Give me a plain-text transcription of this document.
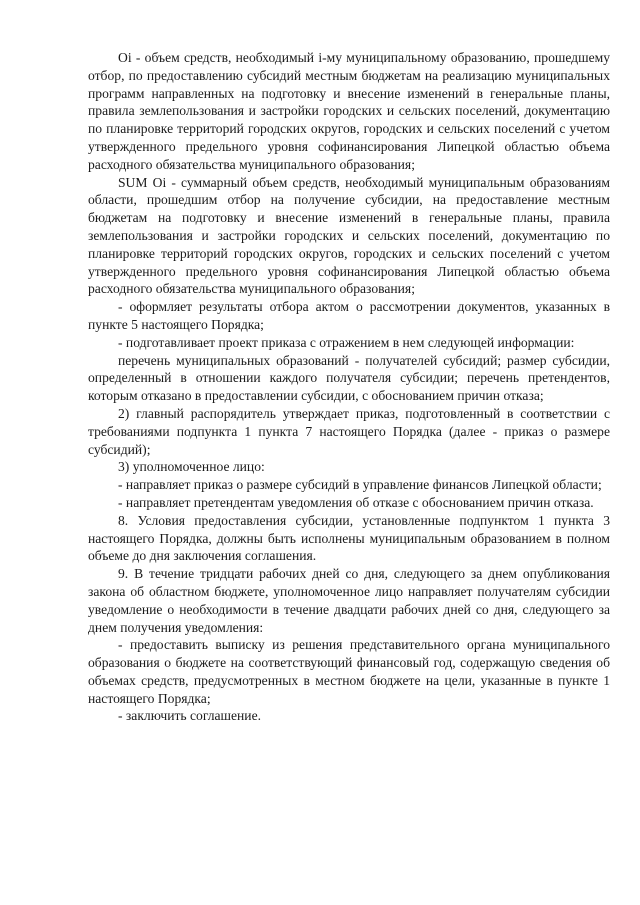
Oi - объем средств, необходимый i-му муниципальному образованию, прошедшему отбор, по предоставлению субсидий местным бюджетам на реализацию муниципальных программ направленных на подготовку и внесение изменений в генеральные планы, правила землепользования и застройки городских и сельских поселений, документацию по планировке территорий городских округов, городских и сельских поселений с учетом утвержденного предельного уровня софинансирования Липецкой областью объема расходного обязательства муниципального образования;

SUM Oi - суммарный объем средств, необходимый муниципальным образованиям области, прошедшим отбор на получение субсидии, на предоставление местным бюджетам на подготовку и внесение изменений в генеральные планы, правила землепользования и застройки городских и сельских поселений, документацию по планировке территорий городских округов, городских и сельских поселений с учетом утвержденного предельного уровня софинансирования Липецкой областью объема расходного обязательства муниципального образования;

- оформляет результаты отбора актом о рассмотрении документов, указанных в пункте 5 настоящего Порядка;

- подготавливает проект приказа с отражением в нем следующей информации:

перечень муниципальных образований - получателей субсидий; размер субсидии, определенный в отношении каждого получателя субсидии; перечень претендентов, которым отказано в предоставлении субсидии, с обоснованием причин отказа;

2) главный распорядитель утверждает приказ, подготовленный в соответствии с требованиями подпункта 1 пункта 7 настоящего Порядка (далее - приказ о размере субсидий);

3) уполномоченное лицо:

- направляет приказ о размере субсидий в управление финансов Липецкой области;

- направляет претендентам уведомления об отказе с обоснованием причин отказа.

8. Условия предоставления субсидии, установленные подпунктом 1 пункта 3 настоящего Порядка, должны быть исполнены муниципальным образованием в полном объеме до дня заключения соглашения.

9. В течение тридцати рабочих дней со дня, следующего за днем опубликования закона об областном бюджете, уполномоченное лицо направляет получателям субсидии уведомление о необходимости в течение двадцати рабочих дней со дня, следующего за днем получения уведомления:

- предоставить выписку из решения представительного органа муниципального образования о бюджете на соответствующий финансовый год, содержащую сведения об объемах средств, предусмотренных в местном бюджете на цели, указанные в пункте 1 настоящего Порядка;

- заключить соглашение.
